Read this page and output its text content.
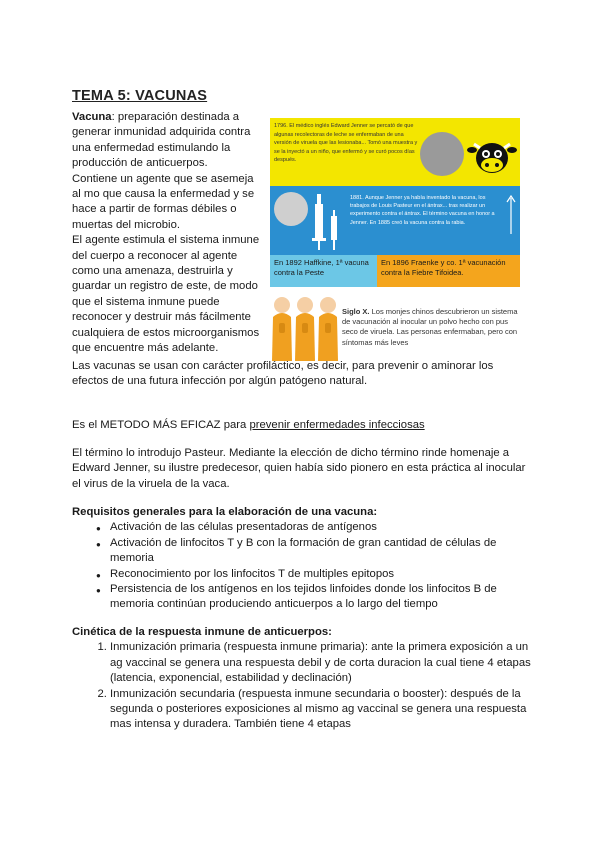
TEMA 5: VACUNAS

Vacuna: preparación destinada a generar inmunidad adquirida contra una enfermedad estimulando la producción de anticuerpos.

Contiene un agente que se asemeja al mo que causa la enfermedad y se hace a partir de formas débiles o muertas del microbio.

El agente estimula el sistema inmune del cuerpo a reconocer al agente como una amenaza, destruirla y guardar un registro de este, de modo que el sistema inmune puede reconocer y destruir más fácilmente cualquiera de estos microorganismos que encuentre más adelante.

1796. El médico inglés Edward Jenner se percató de que algunas recolectoras de leche se enfermaban de una versión de viruela que las lesionaba... Tomó una muestra y se la inyectó a un niño, que enfermó y se curó pocos días después.
1881. Aunque Jenner ya había inventado la vacuna, los trabajos de Louis Pasteur en el ántrax... tras realizar un experimento contra el ántrax. El término vacuna en honor a Jenner. En 1885 creó la vacuna contra la rabia.
En 1892 Haffkine, 1ª vacuna contra la Peste
En 1896 Fraenke y co. 1ª vacunación contra la Fiebre Tifoidea.
Siglo X. Los monjes chinos descubrieron un sistema de vacunación al inocular un polvo hecho con pus seco de viruela. Las personas enfermaban, pero con síntomas más leves
Las vacunas se usan con carácter profiláctico, es decir, para prevenir o aminorar los efectos de una futura infección por algún patógeno natural.
Es el METODO MÁS EFICAZ para prevenir enfermedades infecciosas
El término lo introdujo Pasteur. Mediante la elección de dicho término rinde homenaje a Edward Jenner, su ilustre predecesor, quien había sido pionero en esta práctica al inocular el virus de la viruela de la vaca.

Requisitos generales para la elaboración de una vacuna:

● Activación de las células presentadoras de antígenos
● Activación de linfocitos T y B con la formación de gran cantidad de células de memoria
● Reconocimiento por los linfocitos T de multiples epitopos
● Persistencia de los antígenos en los tejidos linfoides donde los linfocitos B de memoria continúan produciendo anticuerpos a lo largo del tiempo

Cinética de la respuesta inmune de anticuerpos:

1. Inmunización primaria (respuesta inmune primaria): ante la primera exposición a un ag vaccinal se genera una respuesta debil y de corta duracion la cual tiene 4 etapas (latencia, exponencial, estabilidad y declinación)
2. Inmunización secundaria (respuesta inmune secundaria o booster): después de la segunda o posteriores exposiciones al mismo ag vaccinal se genera una respuesta mas intensa y duradera. También tiene 4 etapas
